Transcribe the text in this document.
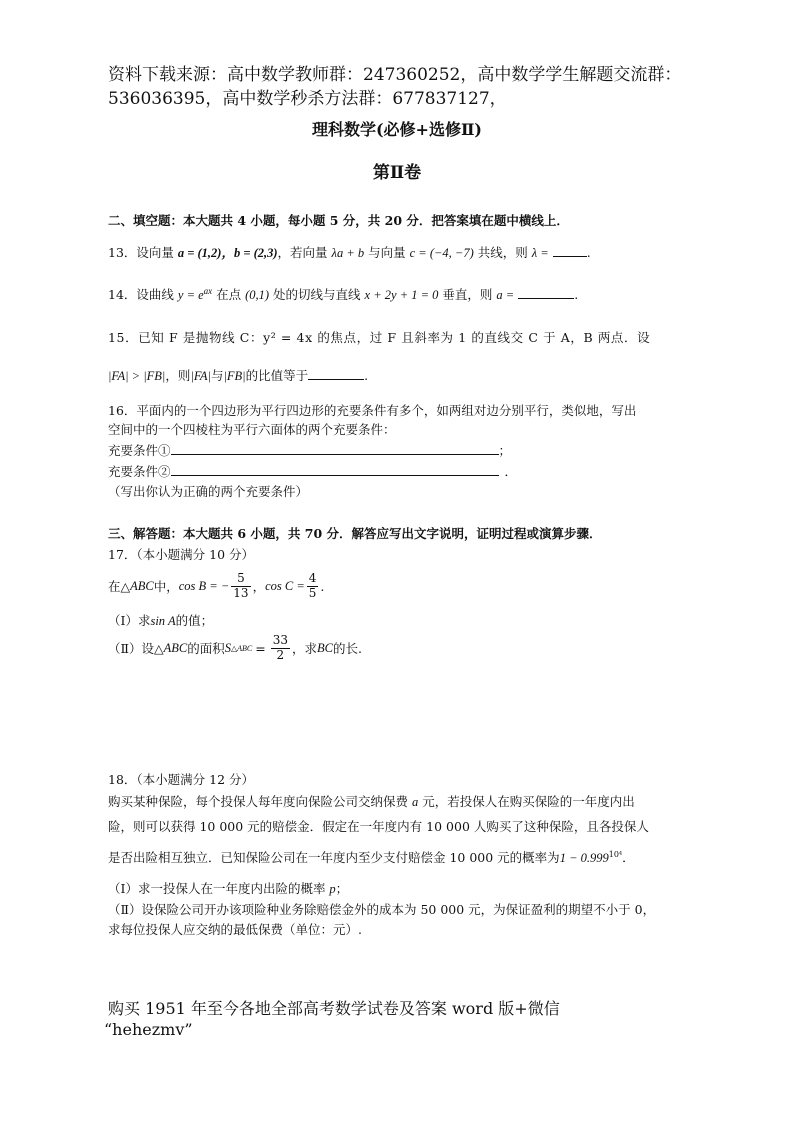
资料下载来源：高中数学教师群：247360252，高中数学学生解题交流群：
536036395，高中数学秒杀方法群：677837127，
理科数学(必修+选修Ⅱ)
第Ⅱ卷
二、填空题：本大题共 4 小题，每小题 5 分，共 20 分．把答案填在题中横线上．
13．设向量 a = (1,2)，b = (2,3)，若向量 λa + b 与向量 c = (−4, −7) 共线，则 λ =	.
14．设曲线 $y = e^{ax}$ 在点 (0,1) 处的切线与直线 x + 2y + 1 = 0 垂直，则 a =	.
15．已知 F 是抛物线 C：y² = 4x 的焦点，过 F 且斜率为 1 的直线交 C 于 A，B 两点．设
|FA| > |FB|，则|FA|与|FB|的比值等于	.
16．平面内的一个四边形为平行四边形的充要条件有多个，如两组对边分别平行，类似地，写出
空间中的一个四棱柱为平行六面体的两个充要条件：
充要条件①	；
充要条件②	．
（写出你认为正确的两个充要条件）
三、解答题：本大题共 6 小题，共 70 分．解答应写出文字说明，证明过程或演算步骤．
17．（本小题满分 10 分）
在△ ABC 中， cos B = − $\frac{5}{13}$ ， $\cos C = \frac{4}{5}$ .
（Ⅰ）求sin A的值；
（Ⅱ）设△ ABC 的面积 S △ABC = $\frac{33}{2}$ ，求 BC 的长.
18．（本小题满分 12 分）
购买某种保险，每个投保人每年度向保险公司交纳保费 a 元，若投保人在购买保险的一年度内出
险，则可以获得 10 000 元的赔偿金．假定在一年度内有 10 000 人购买了这种保险，且各投保人
是否出险相互独立．已知保险公司在一年度内至少支付赔偿金 10 000 元的概率为$1 - 0.999^{10^4}$．
（Ⅰ）求一投保人在一年度内出险的概率 p；
（Ⅱ）设保险公司开办该项险种业务除赔偿金外的成本为 50 000 元，为保证盈利的期望不小于 0，
求每位投保人应交纳的最低保费（单位：元）.
购买 1951 年至今各地全部高考数学试卷及答案 word 版+微信
“hehezmv”
